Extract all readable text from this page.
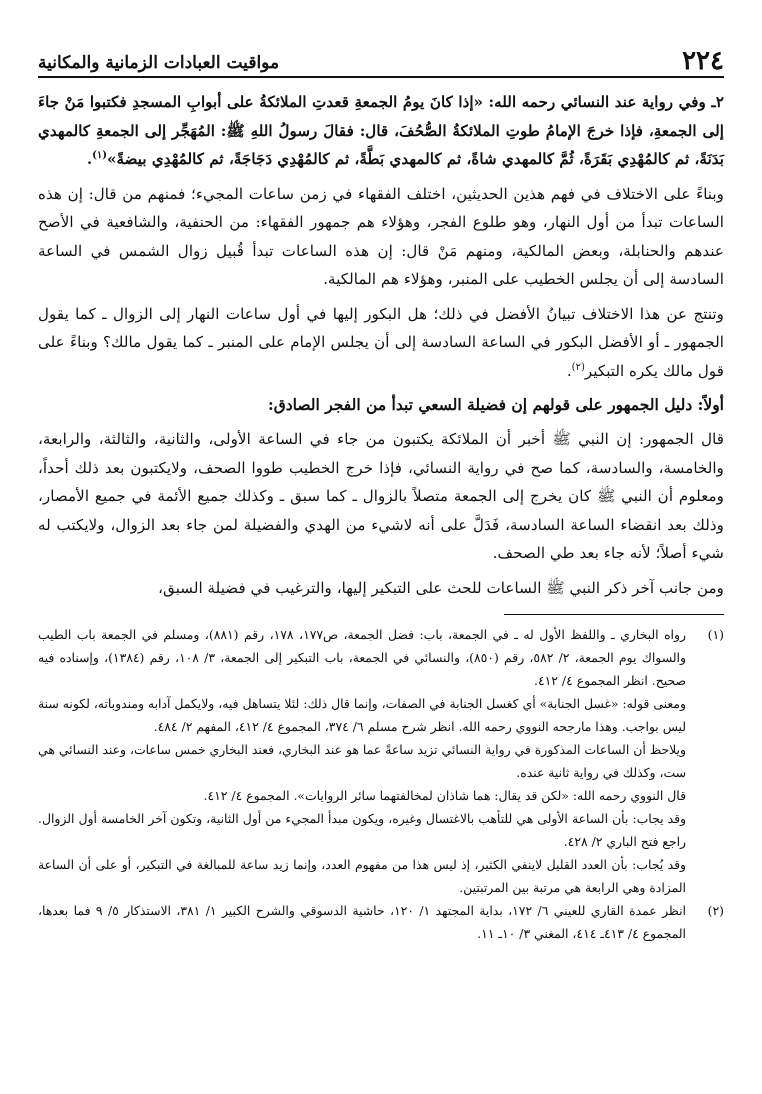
٢٢٤
مواقيت العبادات الزمانية والمكانية

٢ـ وفي رواية عند النسائي رحمه الله: «إذا كانَ يومُ الجمعةِ قعدتِ الملائكةُ على أبوابِ المسجدِ فكتبوا مَنْ جاءَ إلى الجمعةِ، فإذا خرجَ الإمامُ طوتِ الملائكةُ الصُّحُفَ، قال: فقالَ رسولُ اللهِ ﷺ: المُهَجِّر إلى الجمعةِ كالمهدي بَدَنَةً، ثم كالمُهْدِي بَقَرَةً، ثُمَّ كالمهدي شاةً، ثم كالمهدي بَطَّةً، ثم كالمُهْدِي دَجَاجَةً، ثم كالمُهْدِي بيضةً»$^{(١)}$.

وبناءً على الاختلاف في فهم هذين الحديثين، اختلف الفقهاء في زمن ساعات المجيء؛ فمنهم من قال: إن هذه الساعات تبدأ من أول النهار، وهو طلوع الفجر، وهؤلاء هم جمهور الفقهاء: من الحنفية، والشافعية في الأصح عندهم والحنابلة، وبعض المالكية، ومنهم مَنْ قال: إن هذه الساعات تبدأ قُبيل زوال الشمس في الساعة السادسة إلى أن يجلس الخطيب على المنبر، وهؤلاء هم المالكية.

وتنتج عن هذا الاختلاف تبيانُ الأفضل في ذلك؛ هل البكور إليها في أول ساعات النهار إلى الزوال ـ كما يقول الجمهور ـ أو الأفضل البكور في الساعة السادسة إلى أن يجلس الإمام على المنبر ـ كما يقول مالك؟ وبناءً على قول مالك يكره التبكير$^{(٢)}$.

أولاً: دليل الجمهور على قولهم إن فضيلة السعي تبدأ من الفجر الصادق:

قال الجمهور: إن النبي ﷺ أخبر أن الملائكة يكتبون من جاء في الساعة الأولى، والثانية، والثالثة، والرابعة، والخامسة، والسادسة، كما صح في رواية النسائي، فإذا خرج الخطيب طووا الصحف، ولايكتبون بعد ذلك أحداً، ومعلوم أن النبي ﷺ كان يخرج إلى الجمعة متصلاً بالزوال ـ كما سبق ـ وكذلك جميع الأئمة في جميع الأمصار، وذلك بعد انقضاء الساعة السادسة، فَدَلَّ على أنه لاشيء من الهدي والفضيلة لمن جاء بعد الزوال، ولايكتب له شيء أصلاً؛ لأنه جاء بعد طي الصحف.

ومن جانب آخر ذكر النبي ﷺ الساعات للحث على التبكير إليها، والترغيب في فضيلة السبق،

(١)

رواه البخاري ـ واللفظ الأول له ـ في الجمعة، باب: فضل الجمعة، ص١٧٧، ١٧٨، رقم (٨٨١)، ومسلم في الجمعة باب الطيب والسواك يوم الجمعة، ٢/ ٥٨٢، رقم (٨٥٠)، والنسائي في الجمعة، باب التبكير إلى الجمعة، ٣/ ١٠٨، رقم (١٣٨٤)، وإسناده فيه صحيح. انظر المجموع ٤/ ٤١٢.

ومعنى قوله: «غسل الجنابة» أي كغسل الجنابة في الصفات، وإنما قال ذلك: لئلا يتساهل فيه، ولايكمل آدابه ومندوباته، لكونه سنة ليس بواجب. وهذا مارجحه النووي رحمه الله. انظر شرح مسلم ٦/ ٣٧٤، المجموع ٤/ ٤١٢، المفهم ٢/ ٤٨٤.

ويلاحظ أن الساعات المذكورة في رواية النسائي تزيد ساعةً عما هو عند البخاري، فعند البخاري خمس ساعات، وعند النسائي هي ست، وكذلك في رواية ثانية عنده.

قال النووي رحمه الله: «لكن قد يقال: هما شاذان لمخالفتهما سائر الروايات». المجموع ٤/ ٤١٢.

وقد يجاب: بأن الساعة الأولى هي للتأهب بالاغتسال وغيره، ويكون مبدأ المجيء من أول الثانية، وتكون آخر الخامسة أول الزوال. راجع فتح الباري ٢/ ٤٢٨.

وقد يُجاب: بأن العدد القليل لاينفي الكثير، إذ ليس هذا من مفهوم العدد، وإنما زيد ساعة للمبالغة في التبكير، أو على أن الساعة المزادة وهي الرابعة هي مرتبة بين المرتبتين.

(٢)

انظر عمدة القاري للعيني ٦/ ١٧٢، بداية المجتهد ١/ ١٢٠، حاشية الدسوقي والشرح الكبير ١/ ٣٨١، الاستذكار ٥/ ٩ فما بعدها، المجموع ٤/ ٤١٣ـ ٤١٤، المغني ٣/ ١٠ـ ١١.
